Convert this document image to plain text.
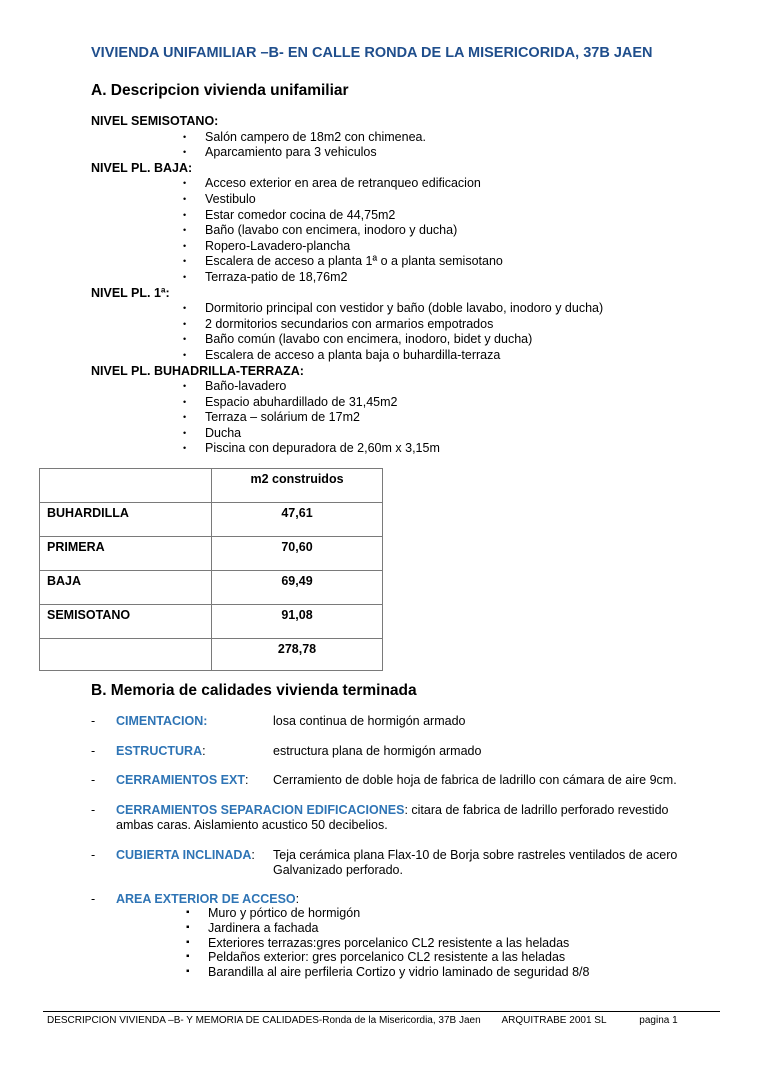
VIVIENDA UNIFAMILIAR –B- EN CALLE RONDA DE LA MISERICORIDA, 37B JAEN
A. Descripcion vivienda unifamiliar
NIVEL SEMISOTANO:
• Salón campero de 18m2 con chimenea.
• Aparcamiento para 3 vehiculos
NIVEL PL. BAJA:
• Acceso exterior en area de retranqueo edificacion
• Vestibulo
• Estar comedor cocina de 44,75m2
• Baño (lavabo con encimera, inodoro y ducha)
• Ropero-Lavadero-plancha
• Escalera de acceso a planta 1ª o a planta semisotano
• Terraza-patio de 18,76m2
NIVEL PL. 1ª:
• Dormitorio principal con vestidor y baño (doble lavabo, inodoro y ducha)
• 2 dormitorios secundarios con armarios empotrados
• Baño común (lavabo con encimera, inodoro, bidet y ducha)
• Escalera de acceso a planta baja o buhardilla-terraza
NIVEL PL. BUHADRILLA-TERRAZA:
• Baño-lavadero
• Espacio abuhardillado de 31,45m2
• Terraza – solárium de 17m2
• Ducha
• Piscina con depuradora de 2,60m x 3,15m
	m2 construidos
BUHARDILLA	47,61
PRIMERA	70,60
BAJA	69,49
SEMISOTANO	91,08
	278,78
B. Memoria de calidades vivienda terminada
- CIMENTACION:	losa continua de hormigón armado
- ESTRUCTURA:	estructura plana de hormigón armado
- CERRAMIENTOS EXT: Cerramiento de doble hoja de fabrica de ladrillo con cámara de aire 9cm.
- CERRAMIENTOS SEPARACION EDIFICACIONES: citara de fabrica de ladrillo perforado revestido
ambas caras. Aislamiento acustico 50 decibelios.
- CUBIERTA INCLINADA: Teja cerámica plana Flax-10 de Borja sobre rastreles ventilados de acero
Galvanizado perforado.
- AREA EXTERIOR DE ACCESO:
▪ Muro y pórtico de hormigón
▪ Jardinera a fachada
▪ Exteriores terrazas:gres porcelanico CL2 resistente a las heladas
▪ Peldaños exterior: gres porcelanico CL2 resistente a las heladas
▪ Barandilla al aire perfileria Cortizo y vidrio laminado de seguridad 8/8
DESCRIPCION VIVIENDA –B- Y MEMORIA DE CALIDADES-Ronda de la Misericordia, 37B Jaen ARQUITRABE 2001 SL	pagina 1
